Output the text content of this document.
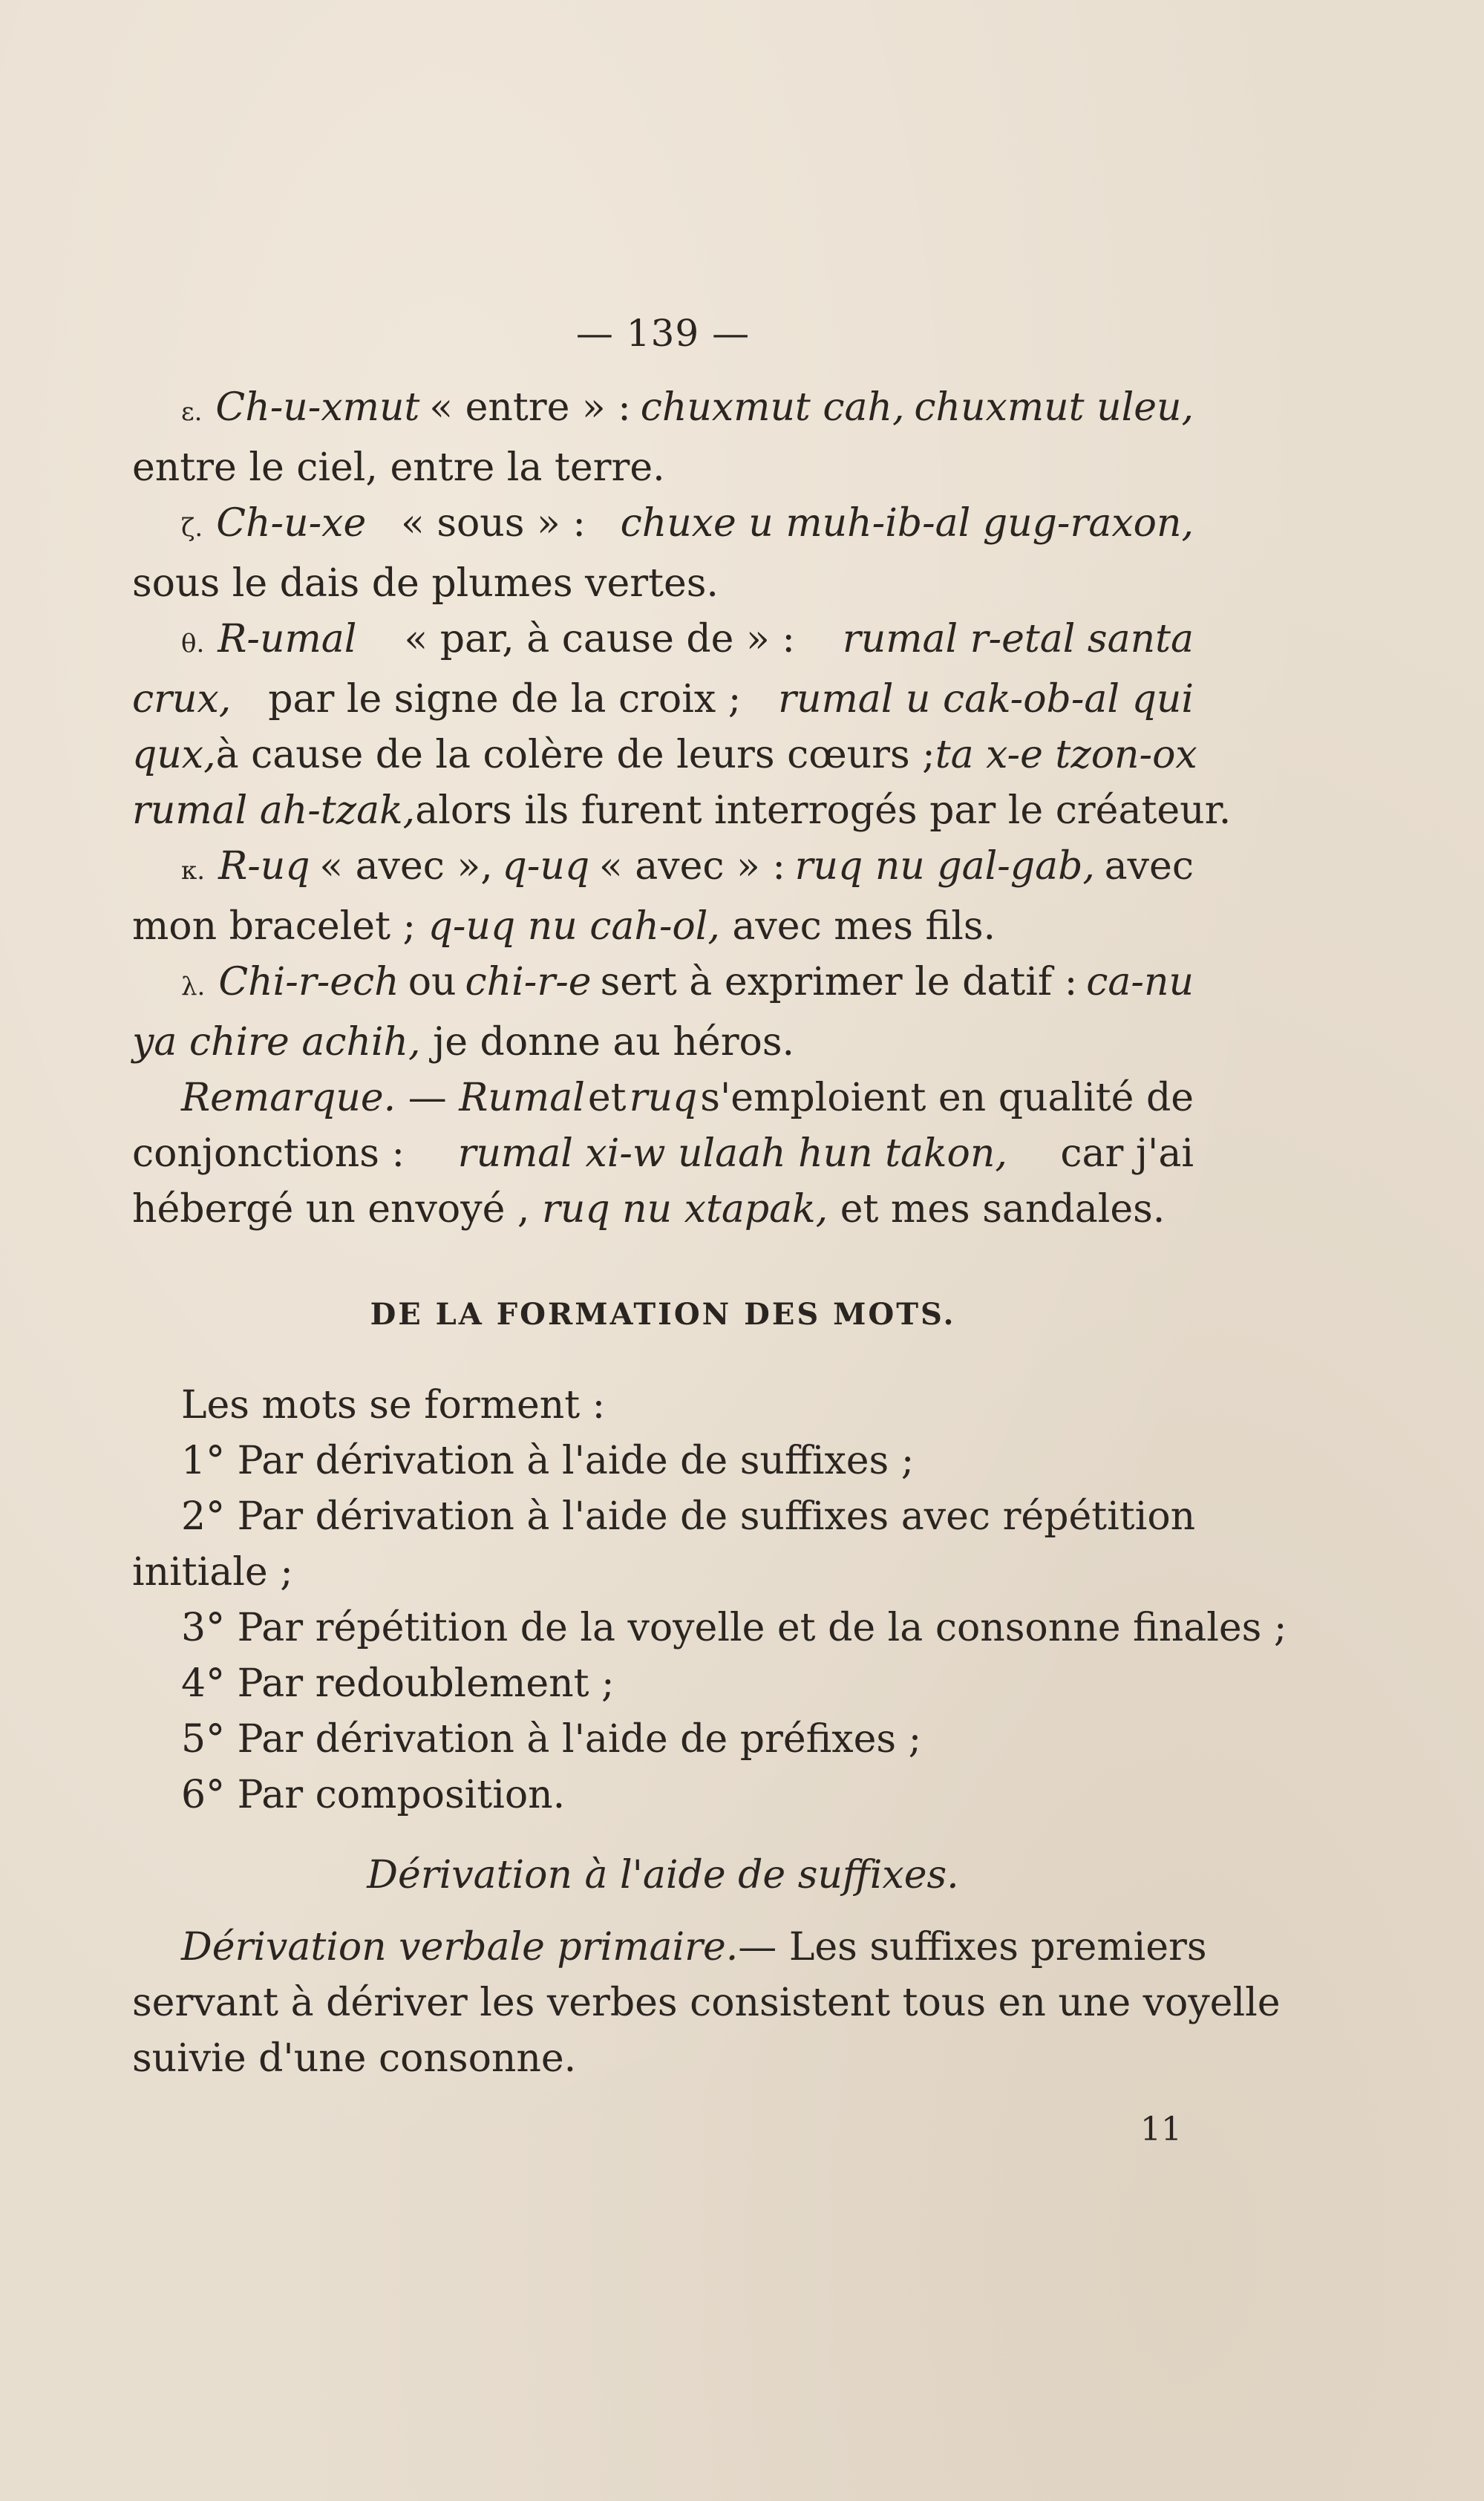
— 139 —
ε. Ch-u-xmut « entre » : chuxmut cah, chuxmut uleu,
entre le ciel, entre la terre.
ζ. Ch-u-xe « sous » : chuxe u muh-ib-al gug-raxon,
sous le dais de plumes vertes.
θ. R-umal « par, à cause de » : rumal r-etal santa
crux, par le signe de la croix ; rumal u cak-ob-al qui
qux, à cause de la colère de leurs cœurs ; ta x-e tzon-ox
rumal ah-tzak, alors ils furent interrogés par le créateur.
κ. R-uq « avec », q-uq « avec » : ruq nu gal-gab, avec
mon bracelet ; q-uq nu cah-ol, avec mes fils.
λ. Chi-r-ech ou chi-r-e sert à exprimer le datif : ca-nu
ya chire achih, je donne au héros.
Remarque. — Rumal et ruq s'emploient en qualité de
conjonctions : rumal xi-w ulaah hun takon, car j'ai
hébergé un envoyé , ruq nu xtapak, et mes sandales.
DE LA FORMATION DES MOTS.
Les mots se forment :
1° Par dérivation à l'aide de suffixes ;
2° Par dérivation à l'aide de suffixes avec répétition
initiale ;
3° Par répétition de la voyelle et de la consonne finales ;
4° Par redoublement ;
5° Par dérivation à l'aide de préfixes ;
6° Par composition.
Dérivation à l'aide de suffixes.
Dérivation verbale primaire. — Les suffixes premiers
servant à dériver les verbes consistent tous en une voyelle
suivie d'une consonne.
11
